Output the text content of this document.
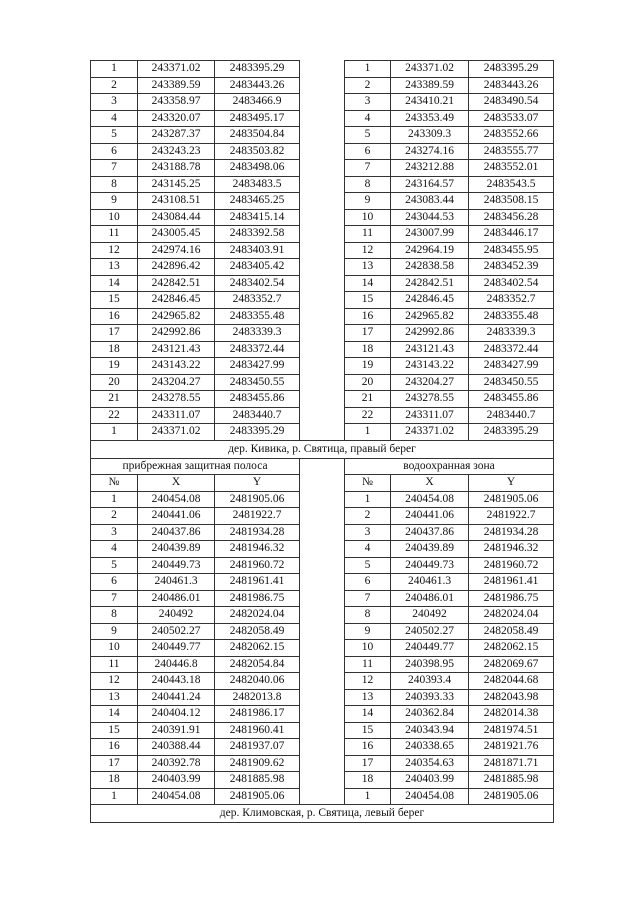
1	243371.02	2483395.29		1	243371.02	2483395.29
2	243389.59	2483443.26		2	243389.59	2483443.26
3	243358.97	2483466.9		3	243410.21	2483490.54
4	243320.07	2483495.17		4	243353.49	2483533.07
5	243287.37	2483504.84		5	243309.3	2483552.66
6	243243.23	2483503.82		6	243274.16	2483555.77
7	243188.78	2483498.06		7	243212.88	2483552.01
8	243145.25	2483483.5		8	243164.57	2483543.5
9	243108.51	2483465.25		9	243083.44	2483508.15
10	243084.44	2483415.14		10	243044.53	2483456.28
11	243005.45	2483392.58		11	243007.99	2483446.17
12	242974.16	2483403.91		12	242964.19	2483455.95
13	242896.42	2483405.42		13	242838.58	2483452.39
14	242842.51	2483402.54		14	242842.51	2483402.54
15	242846.45	2483352.7		15	242846.45	2483352.7
16	242965.82	2483355.48		16	242965.82	2483355.48
17	242992.86	2483339.3		17	242992.86	2483339.3
18	243121.43	2483372.44		18	243121.43	2483372.44
19	243143.22	2483427.99		19	243143.22	2483427.99
20	243204.27	2483450.55		20	243204.27	2483450.55
21	243278.55	2483455.86		21	243278.55	2483455.86
22	243311.07	2483440.7		22	243311.07	2483440.7
1	243371.02	2483395.29		1	243371.02	2483395.29
дер. Кивика, р. Святица, правый берег						
прибрежная защитная полоса				водоохранная зона		
№	X	Y		№	X	Y
1	240454.08	2481905.06		1	240454.08	2481905.06
2	240441.06	2481922.7		2	240441.06	2481922.7
3	240437.86	2481934.28		3	240437.86	2481934.28
4	240439.89	2481946.32		4	240439.89	2481946.32
5	240449.73	2481960.72		5	240449.73	2481960.72
6	240461.3	2481961.41		6	240461.3	2481961.41
7	240486.01	2481986.75		7	240486.01	2481986.75
8	240492	2482024.04		8	240492	2482024.04
9	240502.27	2482058.49		9	240502.27	2482058.49
10	240449.77	2482062.15		10	240449.77	2482062.15
11	240446.8	2482054.84		11	240398.95	2482069.67
12	240443.18	2482040.06		12	240393.4	2482044.68
13	240441.24	2482013.8		13	240393.33	2482043.98
14	240404.12	2481986.17		14	240362.84	2482014.38
15	240391.91	2481960.41		15	240343.94	2481974.51
16	240388.44	2481937.07		16	240338.65	2481921.76
17	240392.78	2481909.62		17	240354.63	2481871.71
18	240403.99	2481885.98		18	240403.99	2481885.98
1	240454.08	2481905.06		1	240454.08	2481905.06
дер. Климовская, р. Святица, левый берег						
